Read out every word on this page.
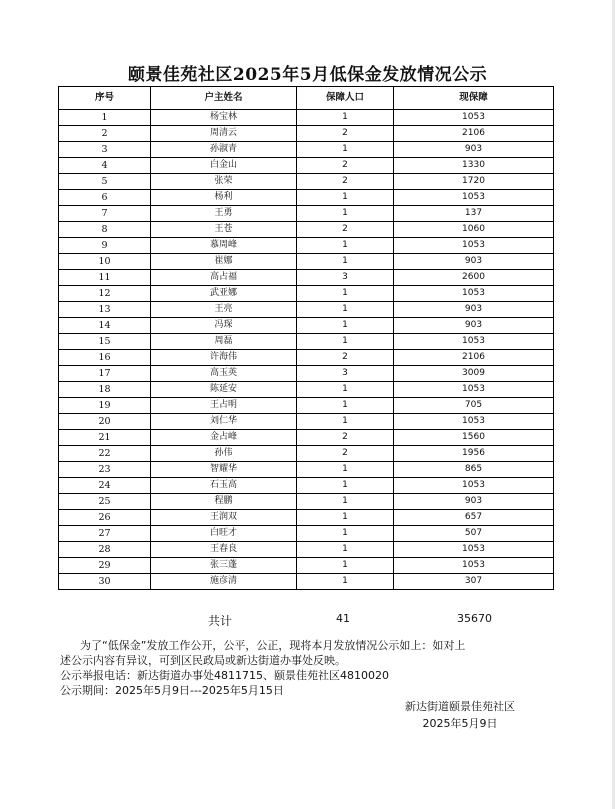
颐景佳苑社区2025年5月低保金发放情况公示
序号	户主姓名	保障人口	现保障
1	杨宝林	1	1053
2	周清云	2	2106
3	孙淑青	1	903
4	白金山	2	1330
5	张荣	2	1720
6	杨利	1	1053
7	王勇	1	137
8	王苍	2	1060
9	慕周峰	1	1053
10	崔娜	1	903
11	高占福	3	2600
12	武亚娜	1	1053
13	王亮	1	903
14	冯琛	1	903
15	周磊	1	1053
16	许海伟	2	2106
17	高玉英	3	3009
18	陈延安	1	1053
19	王占明	1	705
20	刘仁华	1	1053
21	金占峰	2	1560
22	孙伟	2	1956
23	智耀华	1	865
24	石玉高	1	1053
25	程鹏	1	903
26	王润双	1	657
27	白旺才	1	507
28	王春良	1	1053
29	张三蓬	1	1053
30	施彦清	1	307
共计	41	35670

为了“低保金”发放工作公开，公平，公正，现将本月发放情况公示如上：如对上

述公示内容有异议，可到区民政局或新达街道办事处反映。

公示举报电话：新达街道办事处4811715、颐景佳苑社区4810020

公示期间：2025年5月9日---2025年5月15日

新达街道颐景佳苑社区
2025年5月9日
